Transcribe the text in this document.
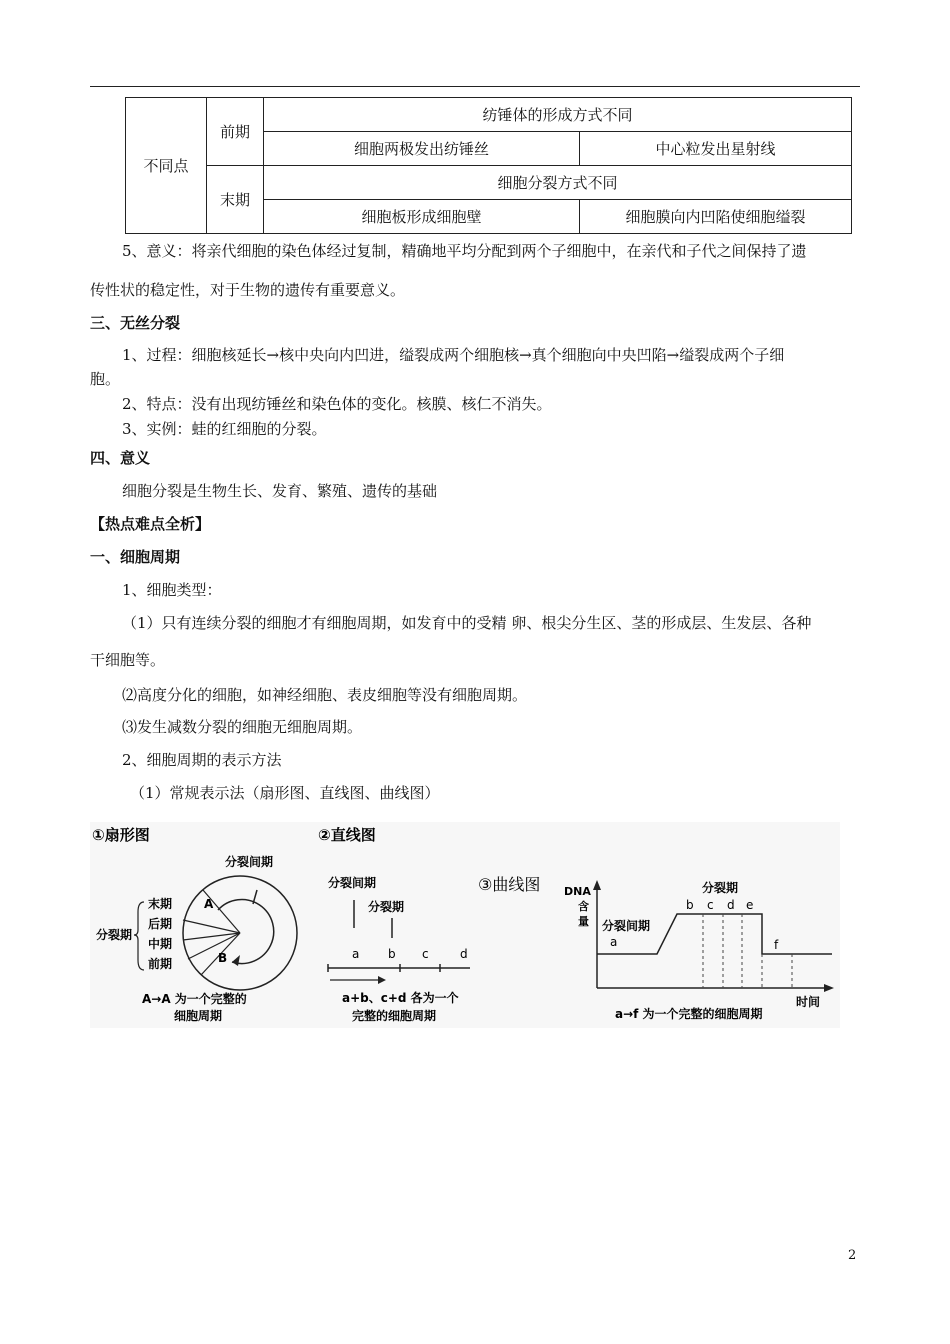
不同点	前期	纺锤体的形成方式不同	
		细胞两极发出纺锤丝	中心粒发出星射线
	末期	细胞分裂方式不同	
		细胞板形成细胞壁	细胞膜向内凹陷使细胞缢裂
5、意义：将亲代细胞的染色体经过复制，精确地平均分配到两个子细胞中，在亲代和子代之间保持了遗
传性状的稳定性，对于生物的遗传有重要意义。
三、无丝分裂
1、过程：细胞核延长→核中央向内凹进，缢裂成两个细胞核→真个细胞向中央凹陷→缢裂成两个子细
胞。
2、特点：没有出现纺锤丝和染色体的变化。核膜、核仁不消失。
3、实例：蛙的红细胞的分裂。
四、意义
细胞分裂是生物生长、发育、繁殖、遗传的基础
【热点难点全析】
一、细胞周期
1、细胞类型：
（1）只有连续分裂的细胞才有细胞周期，如发育中的受精 卵、根尖分生区、茎的形成层、生发层、各种
干细胞等。
⑵高度分化的细胞，如神经细胞、表皮细胞等没有细胞周期。
⑶发生减数分裂的细胞无细胞周期。
2、细胞周期的表示方法
（1）常规表示法（扇形图、直线图、曲线图）
①扇形图
分裂间期
A
B
末期
后期
中期
前期
分裂期
A→A 为一个完整的
细胞周期
②直线图
分裂间期
分裂期
a b c	d
a+b、c+d 各为一个
完整的细胞周期
③曲线图 DNA
含
量
分裂期
分裂间期
a
b c d e
f
时间
a→f 为一个完整的细胞周期
2
